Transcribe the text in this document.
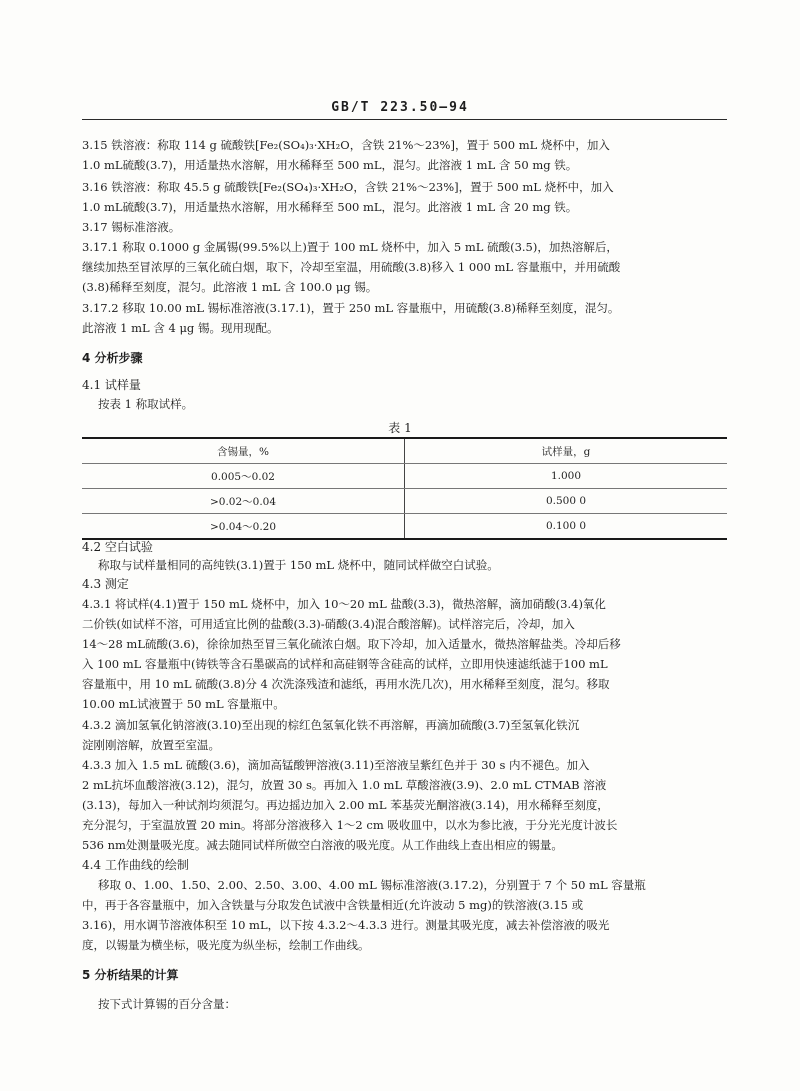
GB/T 223.50—94
3.15 铁溶液：称取 114 g 硫酸铁[Fe₂(SO₄)₃·XH₂O，含铁 21%～23%]，置于 500 mL 烧杯中，加入
1.0 mL硫酸(3.7)，用适量热水溶解，用水稀释至 500 mL，混匀。此溶液 1 mL 含 50 mg 铁。
3.16 铁溶液：称取 45.5 g 硫酸铁[Fe₂(SO₄)₃·XH₂O，含铁 21%～23%]，置于 500 mL 烧杯中，加入
1.0 mL硫酸(3.7)，用适量热水溶解，用水稀释至 500 mL，混匀。此溶液 1 mL 含 20 mg 铁。
3.17 锡标准溶液。
3.17.1 称取 0.1000 g 金属锡(99.5%以上)置于 100 mL 烧杯中，加入 5 mL 硫酸(3.5)，加热溶解后，
继续加热至冒浓厚的三氧化硫白烟，取下，冷却至室温，用硫酸(3.8)移入 1 000 mL 容量瓶中，并用硫酸
(3.8)稀释至刻度，混匀。此溶液 1 mL 含 100.0 μg 锡。
3.17.2 移取 10.00 mL 锡标准溶液(3.17.1)，置于 250 mL 容量瓶中，用硫酸(3.8)稀释至刻度，混匀。
此溶液 1 mL 含 4 μg 锡。现用现配。
4 分析步骤
4.1 试样量
按表 1 称取试样。
表 1
含锡量，%	试样量，g
0.005～0.02	1.000
>0.02～0.04	0.500 0
>0.04～0.20	0.100 0
4.2 空白试验
称取与试样量相同的高纯铁(3.1)置于 150 mL 烧杯中，随同试样做空白试验。
4.3 测定
4.3.1 将试样(4.1)置于 150 mL 烧杯中，加入 10～20 mL 盐酸(3.3)，微热溶解，滴加硝酸(3.4)氧化
二价铁(如试样不溶，可用适宜比例的盐酸(3.3)-硝酸(3.4)混合酸溶解)。试样溶完后，冷却，加入
14～28 mL硫酸(3.6)，徐徐加热至冒三氧化硫浓白烟。取下冷却，加入适量水，微热溶解盐类。冷却后移
入 100 mL 容量瓶中(铸铁等含石墨碳高的试样和高硅钢等含硅高的试样，立即用快速滤纸滤于100 mL
容量瓶中，用 10 mL 硫酸(3.8)分 4 次洗涤残渣和滤纸，再用水洗几次)，用水稀释至刻度，混匀。移取
10.00 mL试液置于 50 mL 容量瓶中。
4.3.2 滴加氢氧化钠溶液(3.10)至出现的棕红色氢氧化铁不再溶解，再滴加硫酸(3.7)至氢氧化铁沉
淀刚刚溶解，放置至室温。
4.3.3 加入 1.5 mL 硫酸(3.6)，滴加高锰酸钾溶液(3.11)至溶液呈紫红色并于 30 s 内不褪色。加入
2 mL抗坏血酸溶液(3.12)，混匀，放置 30 s。再加入 1.0 mL 草酸溶液(3.9)、2.0 mL CTMAB 溶液
(3.13)，每加入一种试剂均须混匀。再边摇边加入 2.00 mL 苯基荧光酮溶液(3.14)，用水稀释至刻度，
充分混匀，于室温放置 20 min。将部分溶液移入 1～2 cm 吸收皿中，以水为参比液，于分光光度计波长
536 nm处测量吸光度。减去随同试样所做空白溶液的吸光度。从工作曲线上查出相应的锡量。
4.4 工作曲线的绘制
移取 0、1.00、1.50、2.00、2.50、3.00、4.00 mL 锡标准溶液(3.17.2)，分别置于 7 个 50 mL 容量瓶
中，再于各容量瓶中，加入含铁量与分取发色试液中含铁量相近(允许波动 5 mg)的铁溶液(3.15 或
3.16)，用水调节溶液体积至 10 mL，以下按 4.3.2～4.3.3 进行。测量其吸光度，减去补偿溶液的吸光
度，以锡量为横坐标，吸光度为纵坐标，绘制工作曲线。
5 分析结果的计算
按下式计算锡的百分含量：
